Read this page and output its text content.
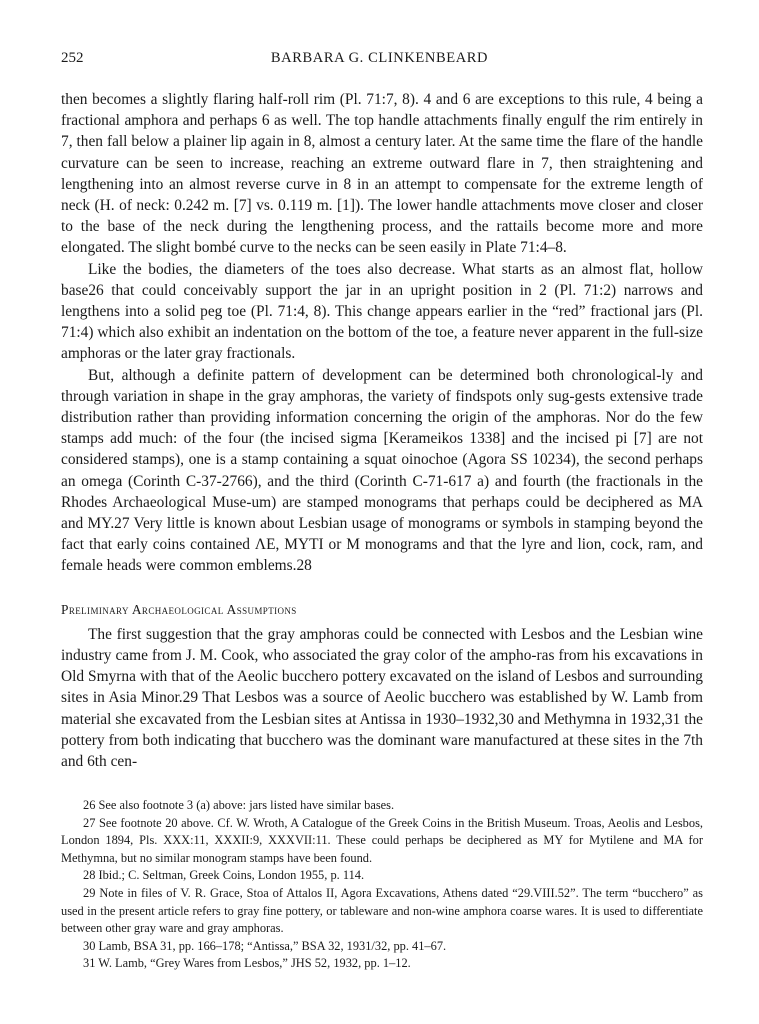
252	BARBARA G. CLINKENBEARD

then becomes a slightly flaring half-roll rim (Pl. 71:7, 8). 4 and 6 are exceptions to this rule, 4 being a fractional amphora and perhaps 6 as well. The top handle attachments finally engulf the rim entirely in 7, then fall below a plainer lip again in 8, almost a century later. At the same time the flare of the handle curvature can be seen to increase, reaching an extreme outward flare in 7, then straightening and lengthening into an almost reverse curve in 8 in an attempt to compensate for the extreme length of neck (H. of neck: 0.242 m. [7] vs. 0.119 m. [1]). The lower handle attachments move closer and closer to the base of the neck during the lengthening process, and the rattails become more and more elongated. The slight bombé curve to the necks can be seen easily in Plate 71:4–8.

Like the bodies, the diameters of the toes also decrease. What starts as an almost flat, hollow base26 that could conceivably support the jar in an upright position in 2 (Pl. 71:2) narrows and lengthens into a solid peg toe (Pl. 71:4, 8). This change appears earlier in the “red” fractional jars (Pl. 71:4) which also exhibit an indentation on the bottom of the toe, a feature never apparent in the full-size amphoras or the later gray fractionals.

But, although a definite pattern of development can be determined both chronological-ly and through variation in shape in the gray amphoras, the variety of findspots only sug-gests extensive trade distribution rather than providing information concerning the origin of the amphoras. Nor do the few stamps add much: of the four (the incised sigma [Kerameikos 1338] and the incised pi [7] are not considered stamps), one is a stamp containing a squat oinochoe (Agora SS 10234), the second perhaps an omega (Corinth C-37-2766), and the third (Corinth C-71-617 a) and fourth (the fractionals in the Rhodes Archaeological Muse-um) are stamped monograms that perhaps could be deciphered as MA and MY.27 Very little is known about Lesbian usage of monograms or symbols in stamping beyond the fact that early coins contained ΛE, MYTI or M monograms and that the lyre and lion, cock, ram, and female heads were common emblems.28

Preliminary Archaeological Assumptions

The first suggestion that the gray amphoras could be connected with Lesbos and the Lesbian wine industry came from J. M. Cook, who associated the gray color of the ampho-ras from his excavations in Old Smyrna with that of the Aeolic bucchero pottery excavated on the island of Lesbos and surrounding sites in Asia Minor.29 That Lesbos was a source of Aeolic bucchero was established by W. Lamb from material she excavated from the Lesbian sites at Antissa in 1930–1932,30 and Methymna in 1932,31 the pottery from both indicating that bucchero was the dominant ware manufactured at these sites in the 7th and 6th cen-

26 See also footnote 3 (a) above: jars listed have similar bases.

27 See footnote 20 above. Cf. W. Wroth, A Catalogue of the Greek Coins in the British Museum. Troas, Aeolis and Lesbos, London 1894, Pls. XXX:11, XXXII:9, XXXVII:11. These could perhaps be deciphered as MY for Mytilene and MA for Methymna, but no similar monogram stamps have been found.

28 Ibid.; C. Seltman, Greek Coins, London 1955, p. 114.

29 Note in files of V. R. Grace, Stoa of Attalos II, Agora Excavations, Athens dated “29.VIII.52”. The term “bucchero” as used in the present article refers to gray fine pottery, or tableware and non-wine amphora coarse wares. It is used to differentiate between other gray ware and gray amphoras.

30 Lamb, BSA 31, pp. 166–178; “Antissa,” BSA 32, 1931/32, pp. 41–67.

31 W. Lamb, “Grey Wares from Lesbos,” JHS 52, 1932, pp. 1–12.
